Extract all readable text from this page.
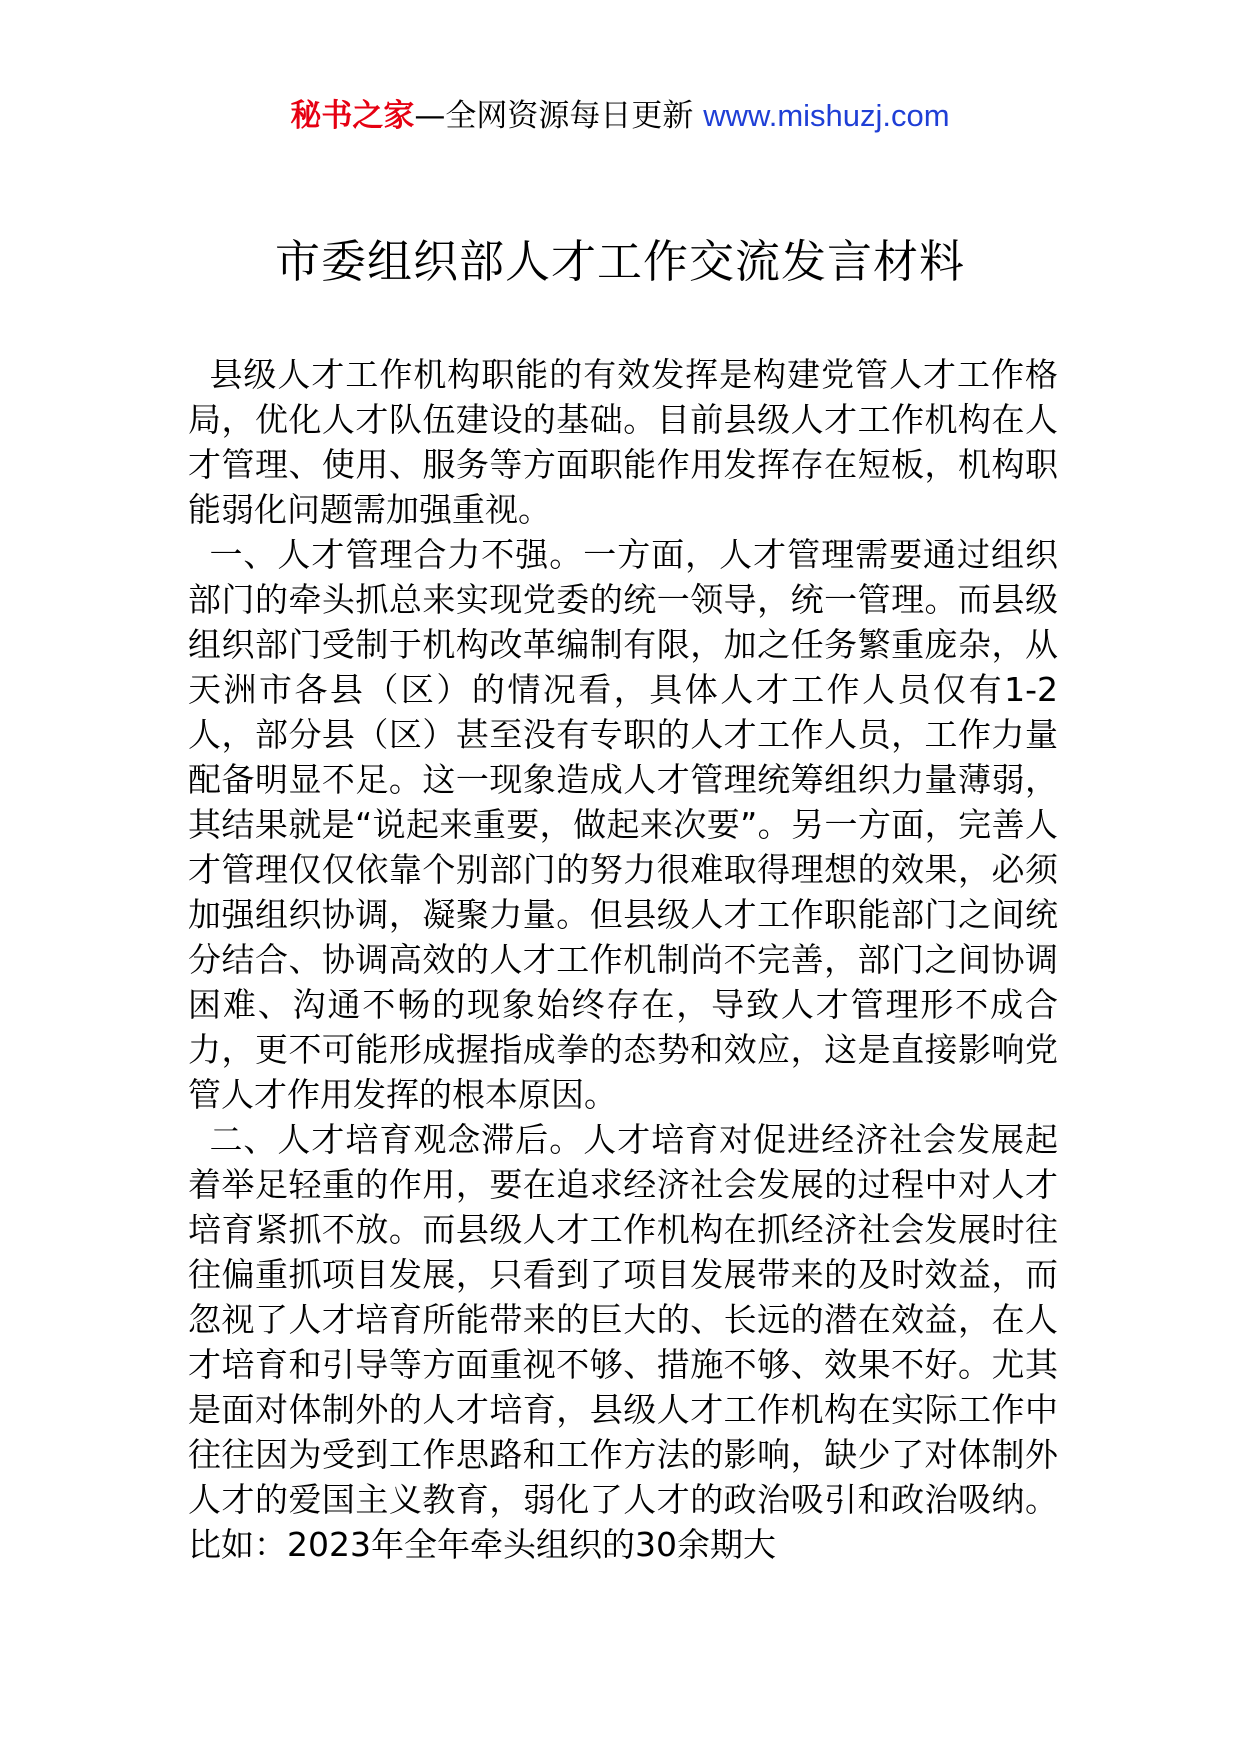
秘书之家—全网资源每日更新 www.mishuzj.com
市委组织部人才工作交流发言材料

县级人才工作机构职能的有效发挥是构建党管人才工作格局，优化人才队伍建设的基础。目前县级人才工作机构在人才管理、使用、服务等方面职能作用发挥存在短板，机构职能弱化问题需加强重视。

一、人才管理合力不强。一方面，人才管理需要通过组织部门的牵头抓总来实现党委的统一领导，统一管理。而县级组织部门受制于机构改革编制有限，加之任务繁重庞杂，从天洲市各县（区）的情况看，具体人才工作人员仅有1-2人，部分县（区）甚至没有专职的人才工作人员，工作力量配备明显不足。这一现象造成人才管理统筹组织力量薄弱，其结果就是“说起来重要，做起来次要”。另一方面，完善人才管理仅仅依靠个别部门的努力很难取得理想的效果，必须加强组织协调，凝聚力量。但县级人才工作职能部门之间统分结合、协调高效的人才工作机制尚不完善，部门之间协调困难、沟通不畅的现象始终存在，导致人才管理形不成合力，更不可能形成握指成拳的态势和效应，这是直接影响党管人才作用发挥的根本原因。

二、人才培育观念滞后。人才培育对促进经济社会发展起着举足轻重的作用，要在追求经济社会发展的过程中对人才培育紧抓不放。而县级人才工作机构在抓经济社会发展时往往偏重抓项目发展，只看到了项目发展带来的及时效益，而忽视了人才培育所能带来的巨大的、长远的潜在效益，在人才培育和引导等方面重视不够、措施不够、效果不好。尤其是面对体制外的人才培育，县级人才工作机构在实际工作中往往因为受到工作思路和工作方法的影响，缺少了对体制外人才的爱国主义教育，弱化了人才的政治吸引和政治吸纳。比如：2023年全年牵头组织的30余期大
